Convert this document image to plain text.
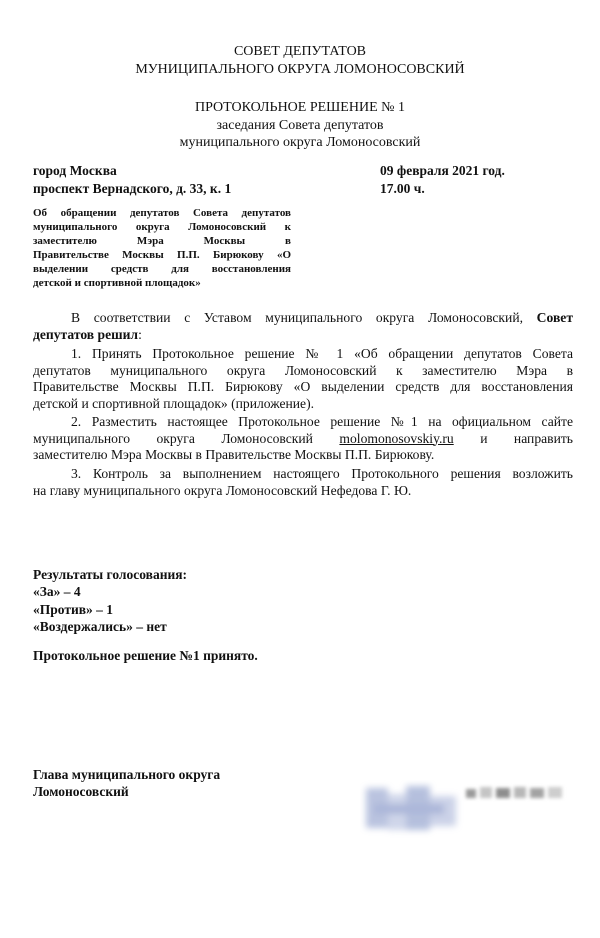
СОВЕТ ДЕПУТАТОВ
МУНИЦИПАЛЬНОГО ОКРУГА ЛОМОНОСОВСКИЙ
ПРОТОКОЛЬНОЕ РЕШЕНИЕ № 1
заседания Совета депутатов
муниципального округа Ломоносовский
город Москва
проспект Вернадского, д. 33, к. 1
09 февраля 2021 год.
17.00 ч.
Об обращении депутатов Совета депутатов
муниципального округа Ломоносовский к
заместителю Мэра Москвы в
Правительстве Москвы П.П. Бирюкову «О
выделении средств для восстановления
детской и спортивной площадок»
В соответствии с Уставом муниципального округа Ломоносовский, Совет
депутатов решил:
1. Принять Протокольное решение № 1 «Об обращении депутатов Совета
депутатов муниципального округа Ломоносовский к заместителю Мэра в
Правительстве Москвы П.П. Бирюкову «О выделении средств для восстановления
детской и спортивной площадок» (приложение).
2. Разместить настоящее Протокольное решение №1 на официальном сайте
муниципального округа Ломоносовский molomonosovskiy.ru и направить
заместителю Мэра Москвы в Правительстве Москвы П.П. Бирюкову.
3. Контроль за выполнением настоящего Протокольного решения возложить
на главу муниципального округа Ломоносовский Нефедова Г. Ю.
Результаты голосования:
«За» – 4
«Против» – 1
«Воздержались» – нет
Протокольное решение №1 принято.
Глава муниципального округа
Ломоносовский
